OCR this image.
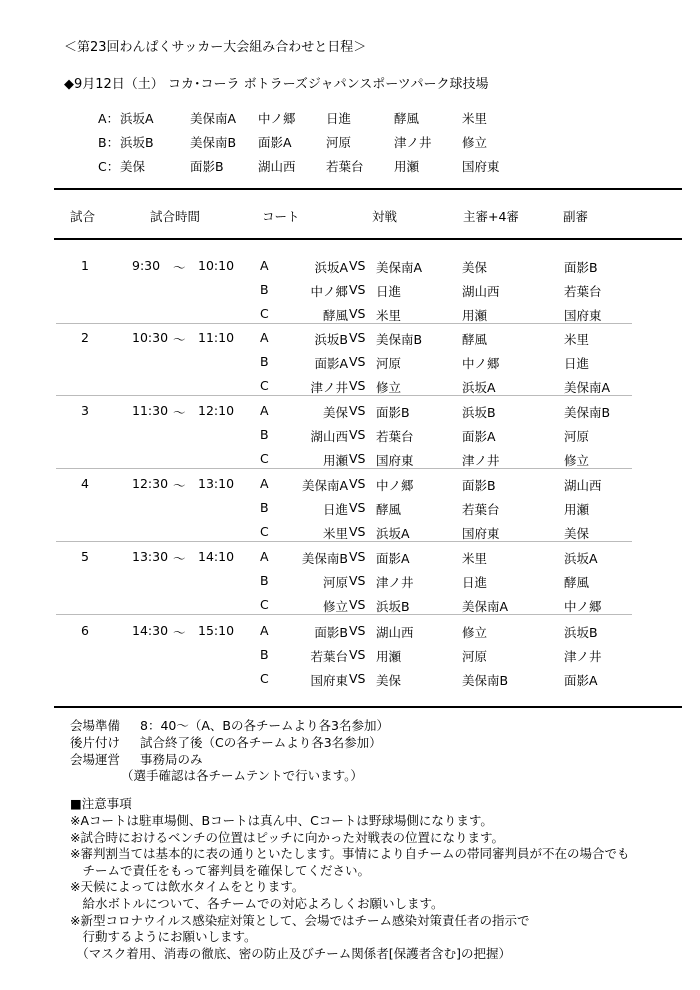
＜第23回わんぱくサッカー大会組み合わせと日程＞
◆9月12日（土） コカ･コーラ ボトラーズジャパンスポーツパーク球技場
A： 浜坂A	美保南A 中ノ郷 日進	酵風	米里
B： 浜坂B	美保南B 面影A	河原	津ノ井 修立
C： 美保	面影B	湖山西 若葉台 用瀬	国府東
試合	試合時間	コート	対戦	主審+4審	副審
1	9:30 ～ 10:10 A	浜坂A VS 美保南A	美保	面影B
B	中ノ郷 VS 日進	湖山西	若葉台
C	酵風 VS 米里	用瀬	国府東
2	10:30 ～ 11:10 A	浜坂B VS 美保南B	酵風	米里
B	面影A VS 河原	中ノ郷	日進
C	津ノ井 VS 修立	浜坂A	美保南A
3	11:30 ～ 12:10 A	美保 VS 面影B	浜坂B	美保南B
B	湖山西 VS 若葉台	面影A	河原
C	用瀬 VS 国府東	津ノ井	修立
4	12:30 ～ 13:10 A	美保南A VS 中ノ郷	面影B	湖山西
B	日進 VS 酵風	若葉台	用瀬
C	米里 VS 浜坂A	国府東	美保
5	13:30 ～ 14:10 A	美保南B VS 面影A	米里	浜坂A
B	河原 VS 津ノ井	日進	酵風
C	修立 VS 浜坂B	美保南A	中ノ郷
6	14:30 ～ 15:10 A	面影B VS 湖山西	修立	浜坂B
B	若葉台 VS 用瀬	河原	津ノ井
C	国府東 VS 美保	美保南B	面影A
会場準備 8：40～（A、Bの各チームより各3名参加）
後片付け 試合終了後（Cの各チームより各3名参加）
会場運営 事務局のみ
（選手確認は各チームテントで行います。）
■注意事項
※Aコートは駐車場側、Bコートは真ん中、Cコートは野球場側になります。
※試合時におけるベンチの位置はピッチに向かった対戦表の位置になります。
※審判割当ては基本的に表の通りといたします。事情により自チームの帯同審判員が不在の場合でも
　チームで責任をもって審判員を確保してください。
※天候によっては飲水タイムをとります。
　給水ボトルについて、各チームでの対応よろしくお願いします。
※新型コロナウイルス感染症対策として、会場ではチーム感染対策責任者の指示で
　行動するようにお願いします。
　（マスク着用、消毒の徹底、密の防止及びチーム関係者[保護者含む]の把握）
